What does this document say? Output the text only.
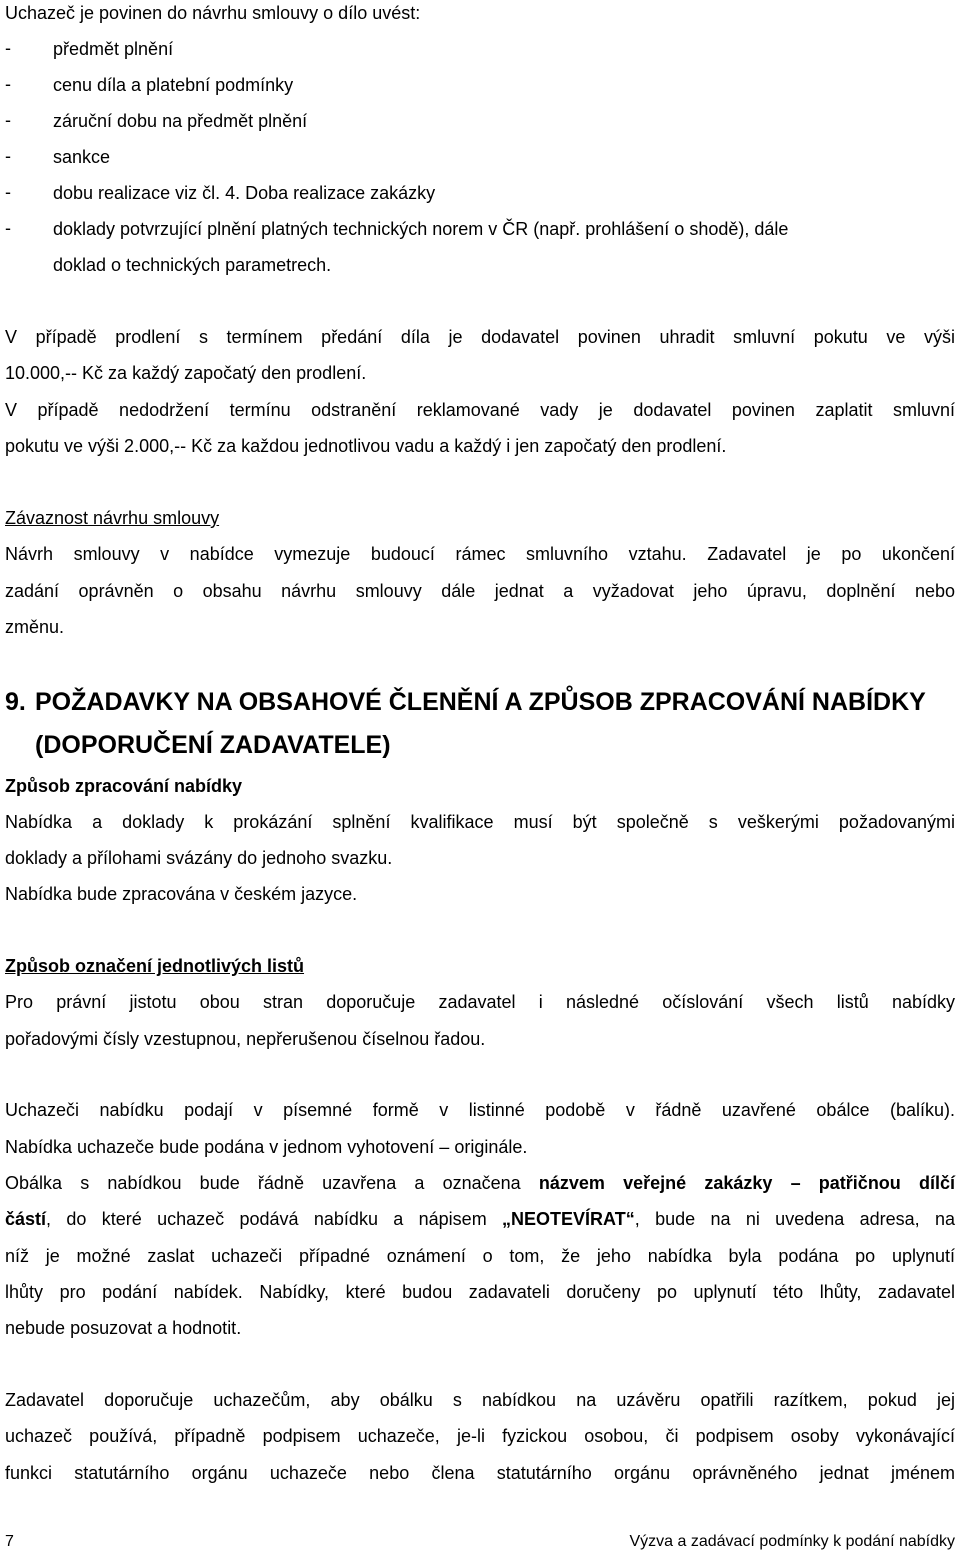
Uchazeč je povinen do návrhu smlouvy o dílo uvést:
-	předmět plnění
-	cenu díla a platební podmínky
-	záruční dobu na předmět plnění
-	sankce
-	dobu realizace viz čl. 4. Doba realizace zakázky
-	doklady potvrzující plnění platných technických norem v ČR (např. prohlášení o shodě), dále
doklad o technických parametrech.
V případě prodlení s termínem předání díla je dodavatel povinen uhradit smluvní pokutu ve výši
10.000,-- Kč za každý započatý den prodlení.
V případě nedodržení termínu odstranění reklamované vady je dodavatel povinen zaplatit smluvní
pokutu ve výši 2.000,-- Kč za každou jednotlivou vadu a každý i jen započatý den prodlení.
Závaznost návrhu smlouvy
Návrh smlouvy v nabídce vymezuje budoucí rámec smluvního vztahu. Zadavatel je po ukončení
zadání oprávněn o obsahu návrhu smlouvy dále jednat a vyžadovat jeho úpravu, doplnění nebo
změnu.
9. POŽADAVKY NA OBSAHOVÉ ČLENĚNÍ A ZPŮSOB ZPRACOVÁNÍ NABÍDKY
(DOPORUČENÍ ZADAVATELE)
Způsob zpracování nabídky
Nabídka a doklady k prokázání splnění kvalifikace musí být společně s veškerými požadovanými
doklady a přílohami svázány do jednoho svazku.
Nabídka bude zpracována v českém jazyce.
Způsob označení jednotlivých listů
Pro právní jistotu obou stran doporučuje zadavatel i následné očíslování všech listů nabídky
pořadovými čísly vzestupnou, nepřerušenou číselnou řadou.
Uchazeči nabídku podají v písemné formě v listinné podobě v řádně uzavřené obálce (balíku).
Nabídka uchazeče bude podána v jednom vyhotovení – originále.
Obálka s nabídkou bude řádně uzavřena a označena názvem veřejné zakázky – patřičnou dílčí
částí, do které uchazeč podává nabídku a nápisem „NEOTEVÍRAT“, bude na ni uvedena adresa, na
níž je možné zaslat uchazeči případné oznámení o tom, že jeho nabídka byla podána po uplynutí
lhůty pro podání nabídek. Nabídky, které budou zadavateli doručeny po uplynutí této lhůty, zadavatel
nebude posuzovat a hodnotit.
Zadavatel doporučuje uchazečům, aby obálku s nabídkou na uzávěru opatřili razítkem, pokud jej
uchazeč používá, případně podpisem uchazeče, je-li fyzickou osobou, či podpisem osoby vykonávající
funkci statutárního orgánu uchazeče nebo člena statutárního orgánu oprávněného jednat jménem
7	Výzva a zadávací podmínky k podání nabídky
